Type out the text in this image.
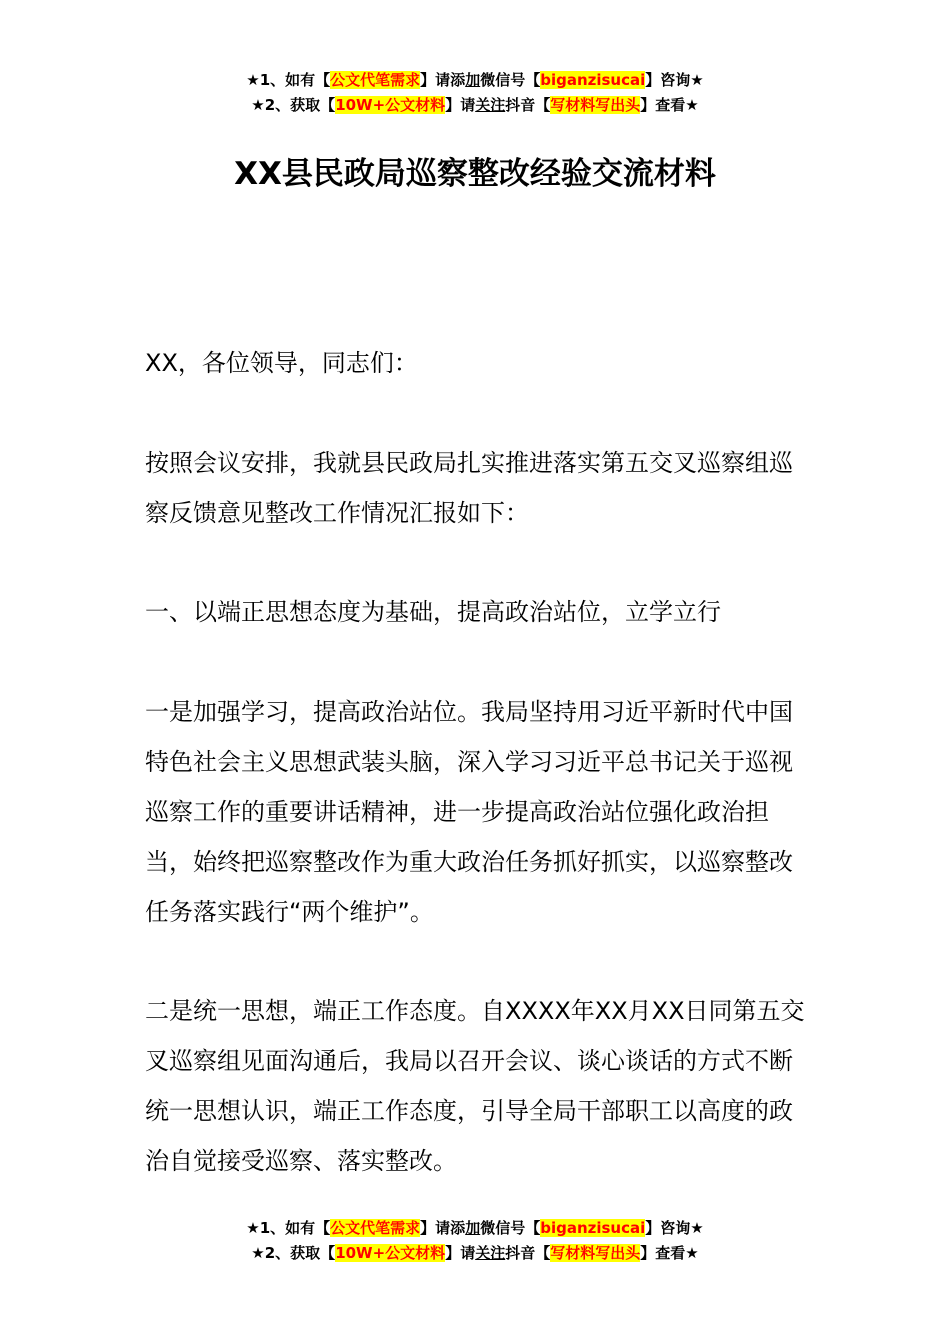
★1、如有【公文代笔需求】请添加微信号【biganzisucai】咨询★
★2、获取【10W+公文材料】请关注抖音【写材料写出头】查看★
XX县民政局巡察整改经验交流材料

XX，各位领导，同志们：

按照会议安排，我就县民政局扎实推进落实第五交叉巡察组巡察反馈意见整改工作情况汇报如下：

一、以端正思想态度为基础，提高政治站位，立学立行

一是加强学习，提高政治站位。我局坚持用习近平新时代中国特色社会主义思想武装头脑，深入学习习近平总书记关于巡视巡察工作的重要讲话精神，进一步提高政治站位强化政治担当，始终把巡察整改作为重大政治任务抓好抓实，以巡察整改任务落实践行“两个维护”。

二是统一思想，端正工作态度。自XXXX年XX月XX日同第五交叉巡察组见面沟通后，我局以召开会议、谈心谈话的方式不断统一思想认识，端正工作态度，引导全局干部职工以高度的政治自觉接受巡察、落实整改。

★1、如有【公文代笔需求】请添加微信号【biganzisucai】咨询★
★2、获取【10W+公文材料】请关注抖音【写材料写出头】查看★
